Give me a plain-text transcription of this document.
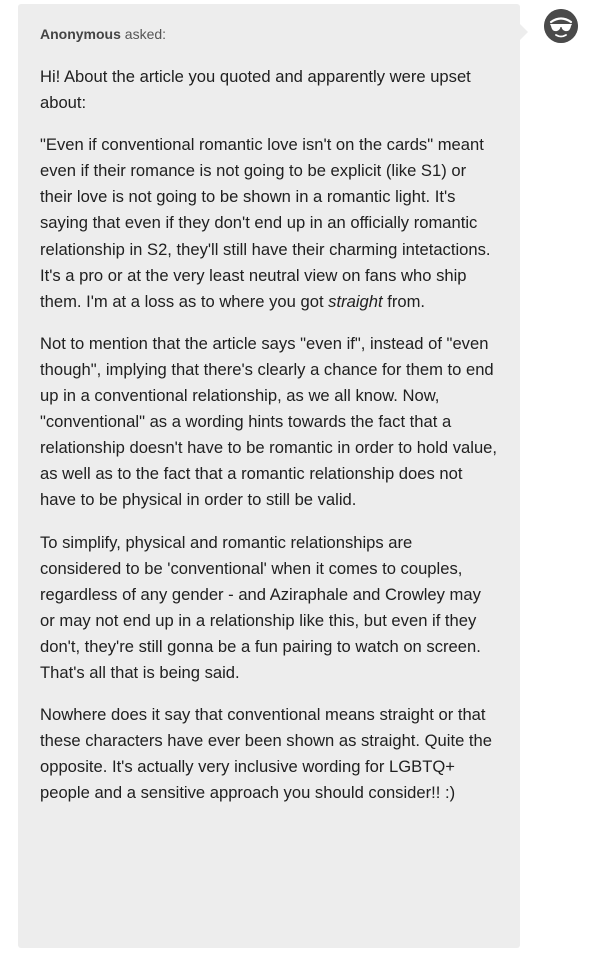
Anonymous asked:

Hi! About the article you quoted and apparently were upset about:

"Even if conventional romantic love isn't on the cards" meant even if their romance is not going to be explicit (like S1) or their love is not going to be shown in a romantic light. It's saying that even if they don't end up in an officially romantic relationship in S2, they'll still have their charming intetactions. It's a pro or at the very least neutral view on fans who ship them. I'm at a loss as to where you got straight from.

Not to mention that the article says "even if", instead of "even though", implying that there's clearly a chance for them to end up in a conventional relationship, as we all know. Now, "conventional" as a wording hints towards the fact that a relationship doesn't have to be romantic in order to hold value, as well as to the fact that a romantic relationship does not have to be physical in order to still be valid.

To simplify, physical and romantic relationships are considered to be 'conventional' when it comes to couples, regardless of any gender - and Aziraphale and Crowley may or may not end up in a relationship like this, but even if they don't, they're still gonna be a fun pairing to watch on screen. That's all that is being said.

Nowhere does it say that conventional means straight or that these characters have ever been shown as straight. Quite the opposite. It's actually very inclusive wording for LGBTQ+ people and a sensitive approach you should consider!! :)
